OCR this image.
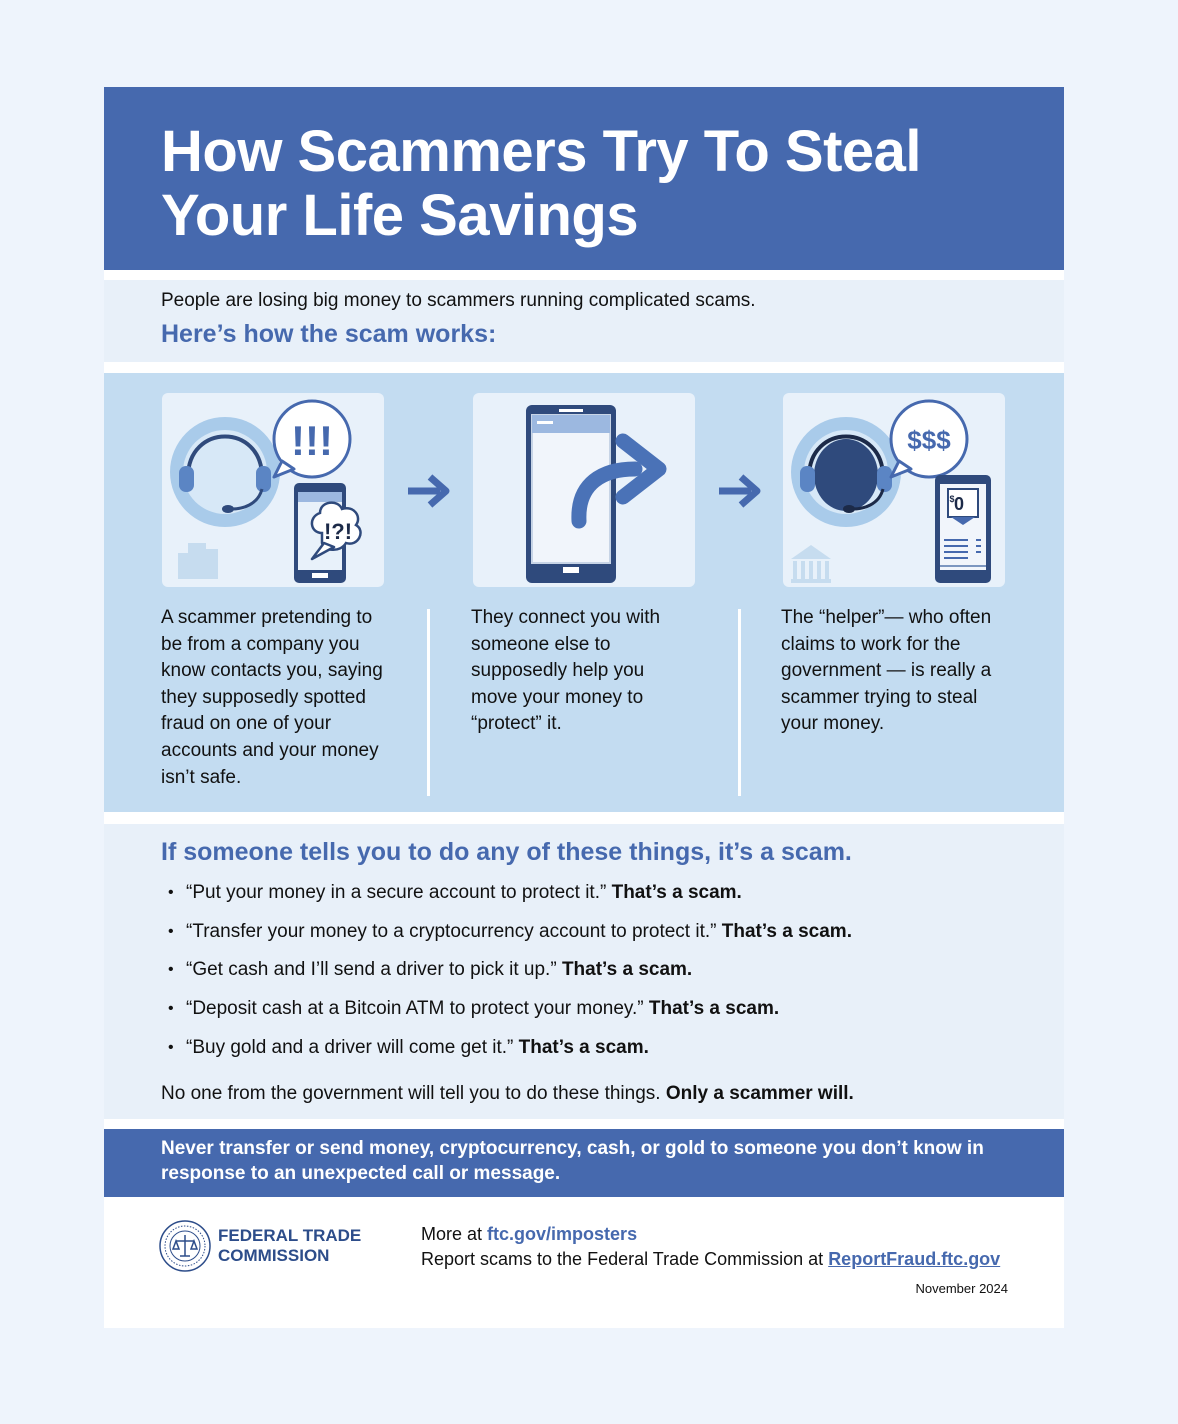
How Scammers Try To Steal
Your Life Savings
People are losing big money to scammers running complicated scams.
Here’s how the scam works:
!!!
!?!
$$$
0
$
A scammer pretending to be from a company you know contacts you, saying they supposedly spotted fraud on one of your accounts and your money isn’t safe.
They connect you with someone else to supposedly help you move your money to “protect” it.
The “helper”— who often claims to work for the government — is really a scammer trying to steal your money.
If someone tells you to do any of these things, it’s a scam.
• “Put your money in a secure account to protect it.” That’s a scam.
• “Transfer your money to a cryptocurrency account to protect it.” That’s a scam.
• “Get cash and I’ll send a driver to pick it up.” That’s a scam.
• “Deposit cash at a Bitcoin ATM to protect your money.” That’s a scam.
• “Buy gold and a driver will come get it.” That’s a scam.
No one from the government will tell you to do these things. Only a scammer will.

Never transfer or send money, cryptocurrency, cash, or gold to someone you don’t know in response to an unexpected call or message.

FEDERAL TRADE
COMMISSION
More at ftc.gov/imposters
Report scams to the Federal Trade Commission at ReportFraud.ftc.gov
November 2024
